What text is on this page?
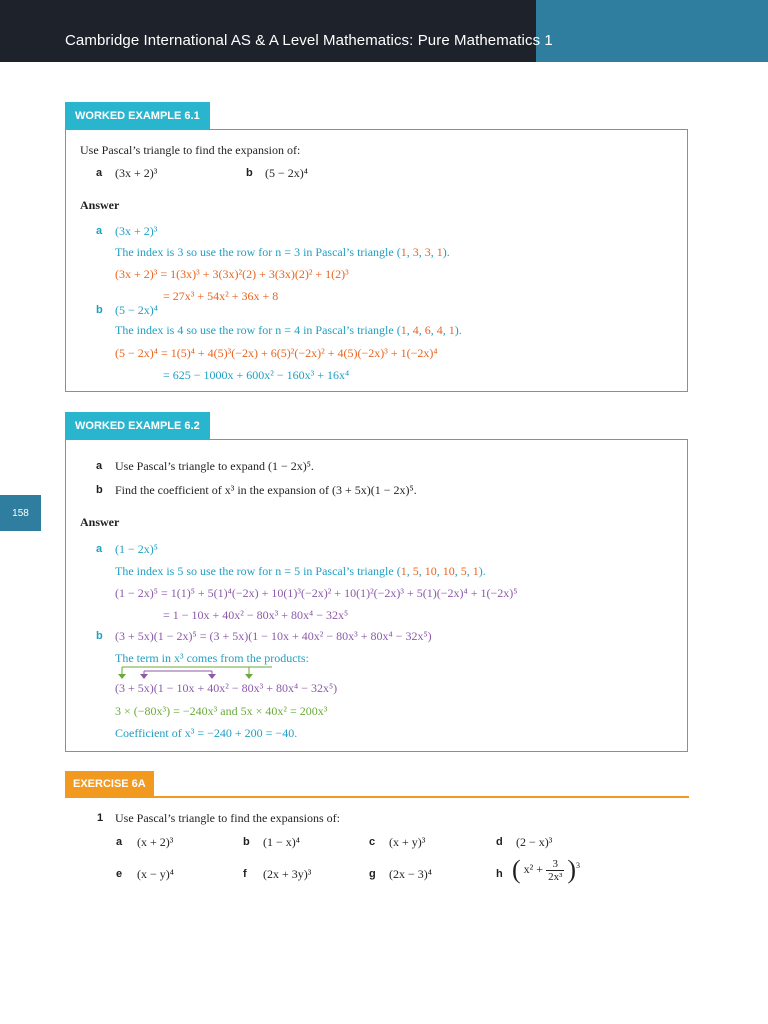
Cambridge International AS & A Level Mathematics: Pure Mathematics 1
158
WORKED EXAMPLE 6.1
Use Pascal’s triangle to find the expansion of:
a (3x + 2)³	b (5 − 2x)⁴
Answer
a (3x + 2)³
The index is 3 so use the row for n = 3 in Pascal’s triangle (1, 3, 3, 1).
(3x + 2)³ = 1(3x)³ + 3(3x)²(2) + 3(3x)(2)² + 1(2)³
= 27x³ + 54x² + 36x + 8
b (5 − 2x)⁴
The index is 4 so use the row for n = 4 in Pascal’s triangle (1, 4, 6, 4, 1).
(5 − 2x)⁴ = 1(5)⁴ + 4(5)³(−2x) + 6(5)²(−2x)² + 4(5)(−2x)³ + 1(−2x)⁴
= 625 − 1000x + 600x² − 160x³ + 16x⁴
WORKED EXAMPLE 6.2
a Use Pascal’s triangle to expand (1 − 2x)⁵.
b Find the coefficient of x³ in the expansion of (3 + 5x)(1 − 2x)⁵.
Answer
a (1 − 2x)⁵
The index is 5 so use the row for n = 5 in Pascal’s triangle (1, 5, 10, 10, 5, 1).
(1 − 2x)⁵ = 1(1)⁵ + 5(1)⁴(−2x) + 10(1)³(−2x)² + 10(1)²(−2x)³ + 5(1)(−2x)⁴ + 1(−2x)⁵
= 1 − 10x + 40x² − 80x³ + 80x⁴ − 32x⁵
b (3 + 5x)(1 − 2x)⁵ = (3 + 5x)(1 − 10x + 40x² − 80x³ + 80x⁴ − 32x⁵)
The term in x³ comes from the products:
(3 + 5x)(1 − 10x + 40x² − 80x³ + 80x⁴ − 32x⁵)
3 × (−80x³) = −240x³ and 5x × 40x² = 200x³
Coefficient of x³ = −240 + 200 = −40.
EXERCISE 6A
1 Use Pascal’s triangle to find the expansions of:
a (x + 2)³	b (1 − x)⁴	c (x + y)³	d (2 − x)³
e (x − y)⁴	f (2x + 3y)³	g (2x − 3)⁴	h ( $x^2 + \frac{3}{\text{2x³}} )^3$
